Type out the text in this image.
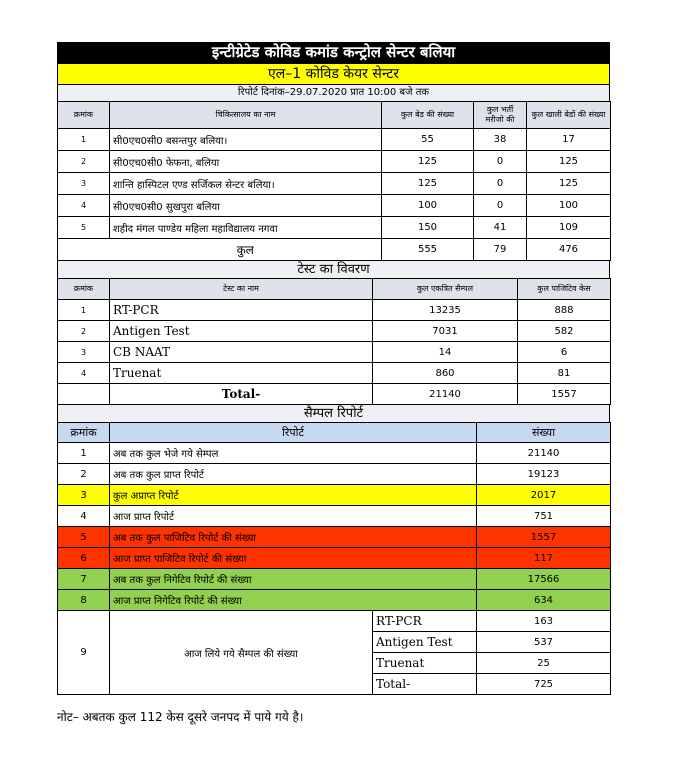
इन्टीग्रेटेड कोविड कमांड कन्ट्रोल सेन्टर बलिया
एल–1 कोविड केयर सेन्टर
रिपोर्ट दिनांक–29.07.2020 प्रात 10:00 बजे तक
क्रमांक	चिकित्सालय का नाम	कुल बेड की संख्या	कुल भर्ती मरीजो की	कुल खाली बेडों की संख्या
1	सी0एच0सी0 बसन्तपुर बलिया।	55	38	17
2	सी0एच0सी0 फेफना, बलिया	125	0	125
3	शान्ति हास्पिटल एण्ड सर्जिकल सेन्टर बलिया।	125	0	125
4	सी0एच0सी0 सुखपुरा बलिया	100	0	100
5	शहीद मंगल पाण्डेय महिला महाविद्यालय नगवा	150	41	109
	कुल	555	79	476
टेस्ट का विवरण
क्रमांक	टेस्ट का नाम	कुल एकत्रित सैम्पल	कुल पाजिटिव केस
1	RT-PCR	13235	888
2	Antigen Test	7031	582
3	CB NAAT	14	6
4	Truenat	860	81
	Total-	21140	1557
सैम्पल रिपोर्ट
क्रमांक	रिपोर्ट		संख्या
1	अब तक कुल भेजे गये सेम्पल		21140
2	अब तक कुल प्राप्त रिपोर्ट		19123
3	कुल अप्राप्त रिपोर्ट		2017
4	आज प्राप्त रिपोर्ट		751
5	अब तक कुल पाजिटिव रिपोर्ट की संख्या		1557
6	आज प्राप्त पाजिटिव रिपोर्ट की संख्या		117
7	अब तक कुल निगेटिव रिपोर्ट की संख्या		17566
8	आज प्राप्त निगेटिव रिपोर्ट की संख्या		634
9	आज लिये गये सैम्पल की संख्या	RT-PCR	163
		Antigen Test	537
		Truenat	25
		Total-	725
नोट– अबतक कुल 112 केस दूसरे जनपद में पाये गये है।
